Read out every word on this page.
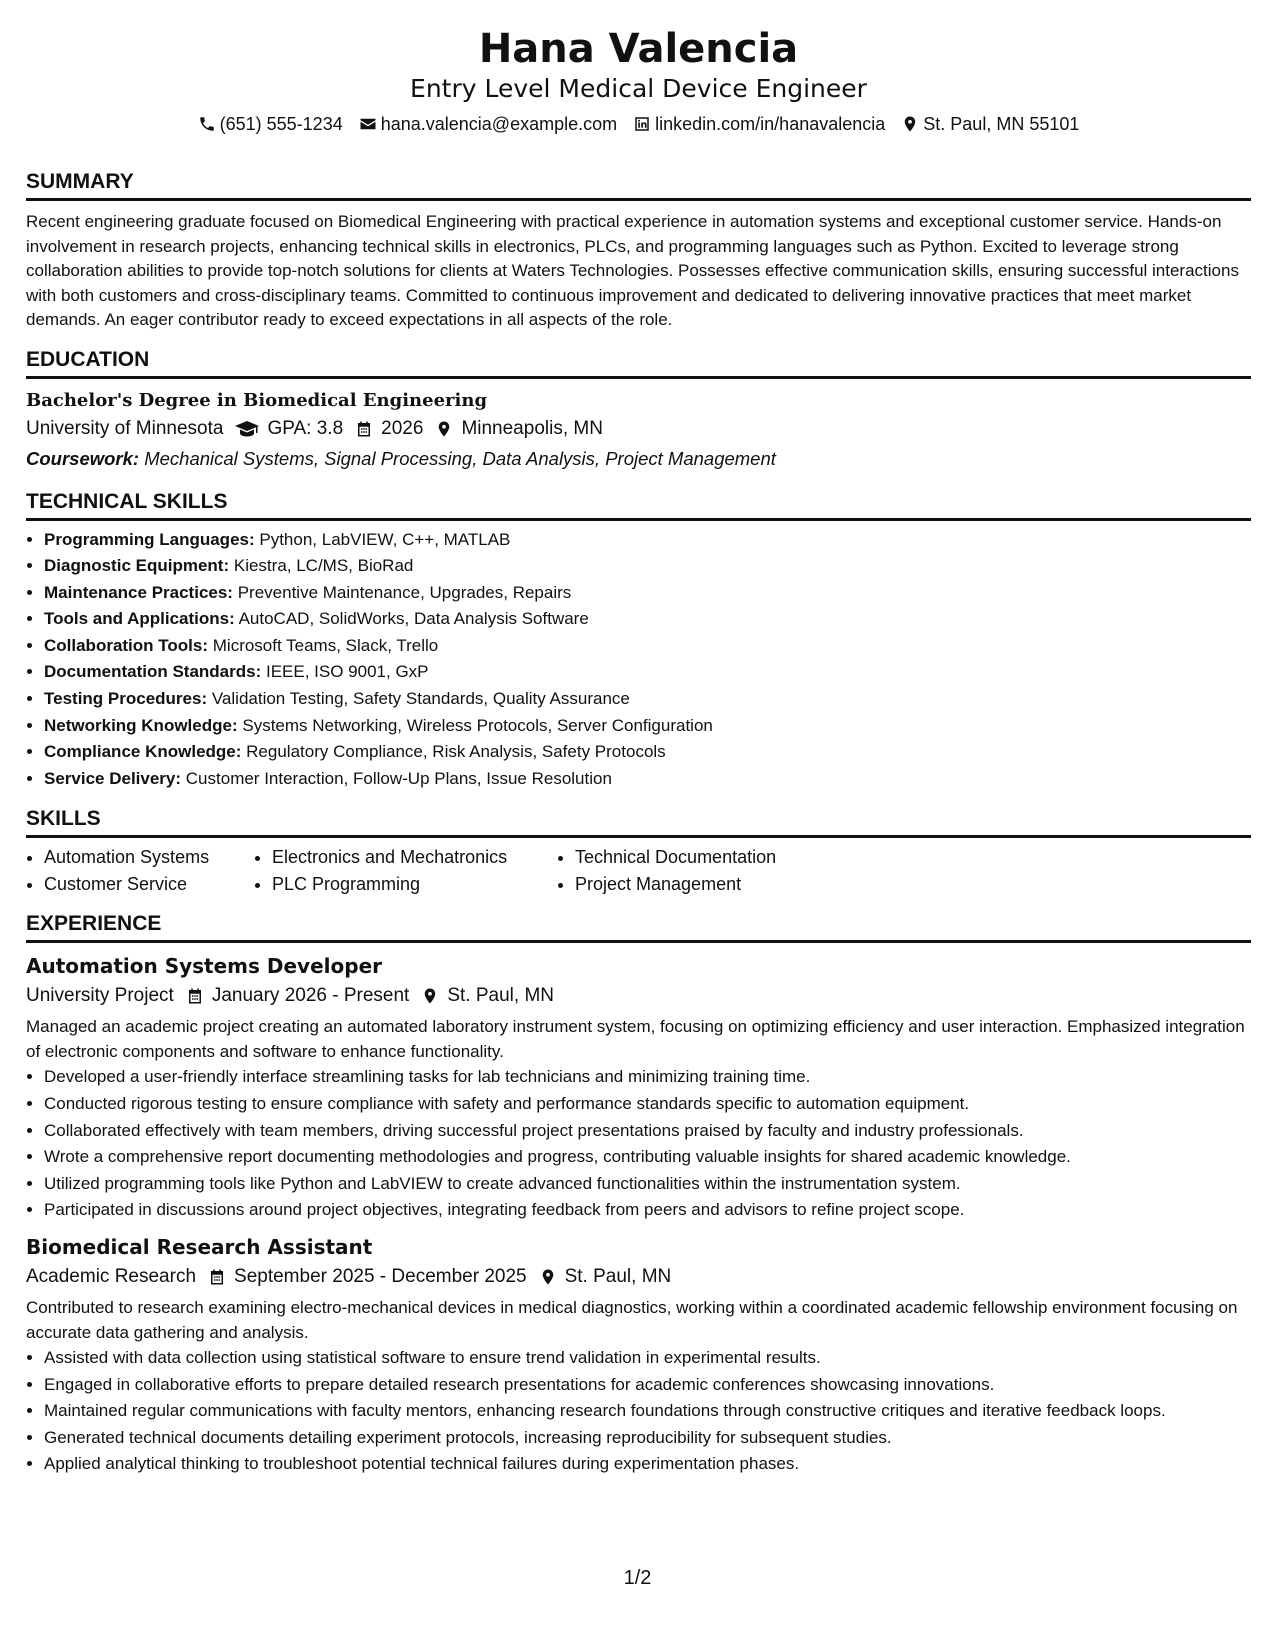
Hana Valencia
Entry Level Medical Device Engineer
(651) 555-1234 hana.valencia@example.com linkedin.com/in/hanavalencia St. Paul, MN 55101
SUMMARY

Recent engineering graduate focused on Biomedical Engineering with practical experience in automation systems and exceptional customer service. Hands-on involvement in research projects, enhancing technical skills in electronics, PLCs, and programming languages such as Python. Excited to leverage strong collaboration abilities to provide top-notch solutions for clients at Waters Technologies. Possesses effective communication skills, ensuring successful interactions with both customers and cross-disciplinary teams. Committed to continuous improvement and dedicated to delivering innovative practices that meet market demands. An eager contributor ready to exceed expectations in all aspects of the role.

EDUCATION
Bachelor's Degree in Biomedical Engineering
University of Minnesota GPA: 3.8 2026 Minneapolis, MN
Coursework: Mechanical Systems, Signal Processing, Data Analysis, Project Management
TECHNICAL SKILLS
• Programming Languages: Python, LabVIEW, C++, MATLAB
• Diagnostic Equipment: Kiestra, LC/MS, BioRad
• Maintenance Practices: Preventive Maintenance, Upgrades, Repairs
• Tools and Applications: AutoCAD, SolidWorks, Data Analysis Software
• Collaboration Tools: Microsoft Teams, Slack, Trello
• Documentation Standards: IEEE, ISO 9001, GxP
• Testing Procedures: Validation Testing, Safety Standards, Quality Assurance
• Networking Knowledge: Systems Networking, Wireless Protocols, Server Configuration
• Compliance Knowledge: Regulatory Compliance, Risk Analysis, Safety Protocols
• Service Delivery: Customer Interaction, Follow-Up Plans, Issue Resolution
SKILLS
• Automation Systems
• Customer Service
• Electronics and Mechatronics
• PLC Programming
• Technical Documentation
• Project Management
EXPERIENCE
Automation Systems Developer
University Project January 2026 - Present St. Paul, MN

Managed an academic project creating an automated laboratory instrument system, focusing on optimizing efficiency and user interaction. Emphasized integration of electronic components and software to enhance functionality.

• Developed a user-friendly interface streamlining tasks for lab technicians and minimizing training time.
• Conducted rigorous testing to ensure compliance with safety and performance standards specific to automation equipment.
• Collaborated effectively with team members, driving successful project presentations praised by faculty and industry professionals.
• Wrote a comprehensive report documenting methodologies and progress, contributing valuable insights for shared academic knowledge.
• Utilized programming tools like Python and LabVIEW to create advanced functionalities within the instrumentation system.
• Participated in discussions around project objectives, integrating feedback from peers and advisors to refine project scope.
Biomedical Research Assistant
Academic Research September 2025 - December 2025 St. Paul, MN

Contributed to research examining electro-mechanical devices in medical diagnostics, working within a coordinated academic fellowship environment focusing on accurate data gathering and analysis.

• Assisted with data collection using statistical software to ensure trend validation in experimental results.
• Engaged in collaborative efforts to prepare detailed research presentations for academic conferences showcasing innovations.
• Maintained regular communications with faculty mentors, enhancing research foundations through constructive critiques and iterative feedback loops.
• Generated technical documents detailing experiment protocols, increasing reproducibility for subsequent studies.
• Applied analytical thinking to troubleshoot potential technical failures during experimentation phases.
1/2
